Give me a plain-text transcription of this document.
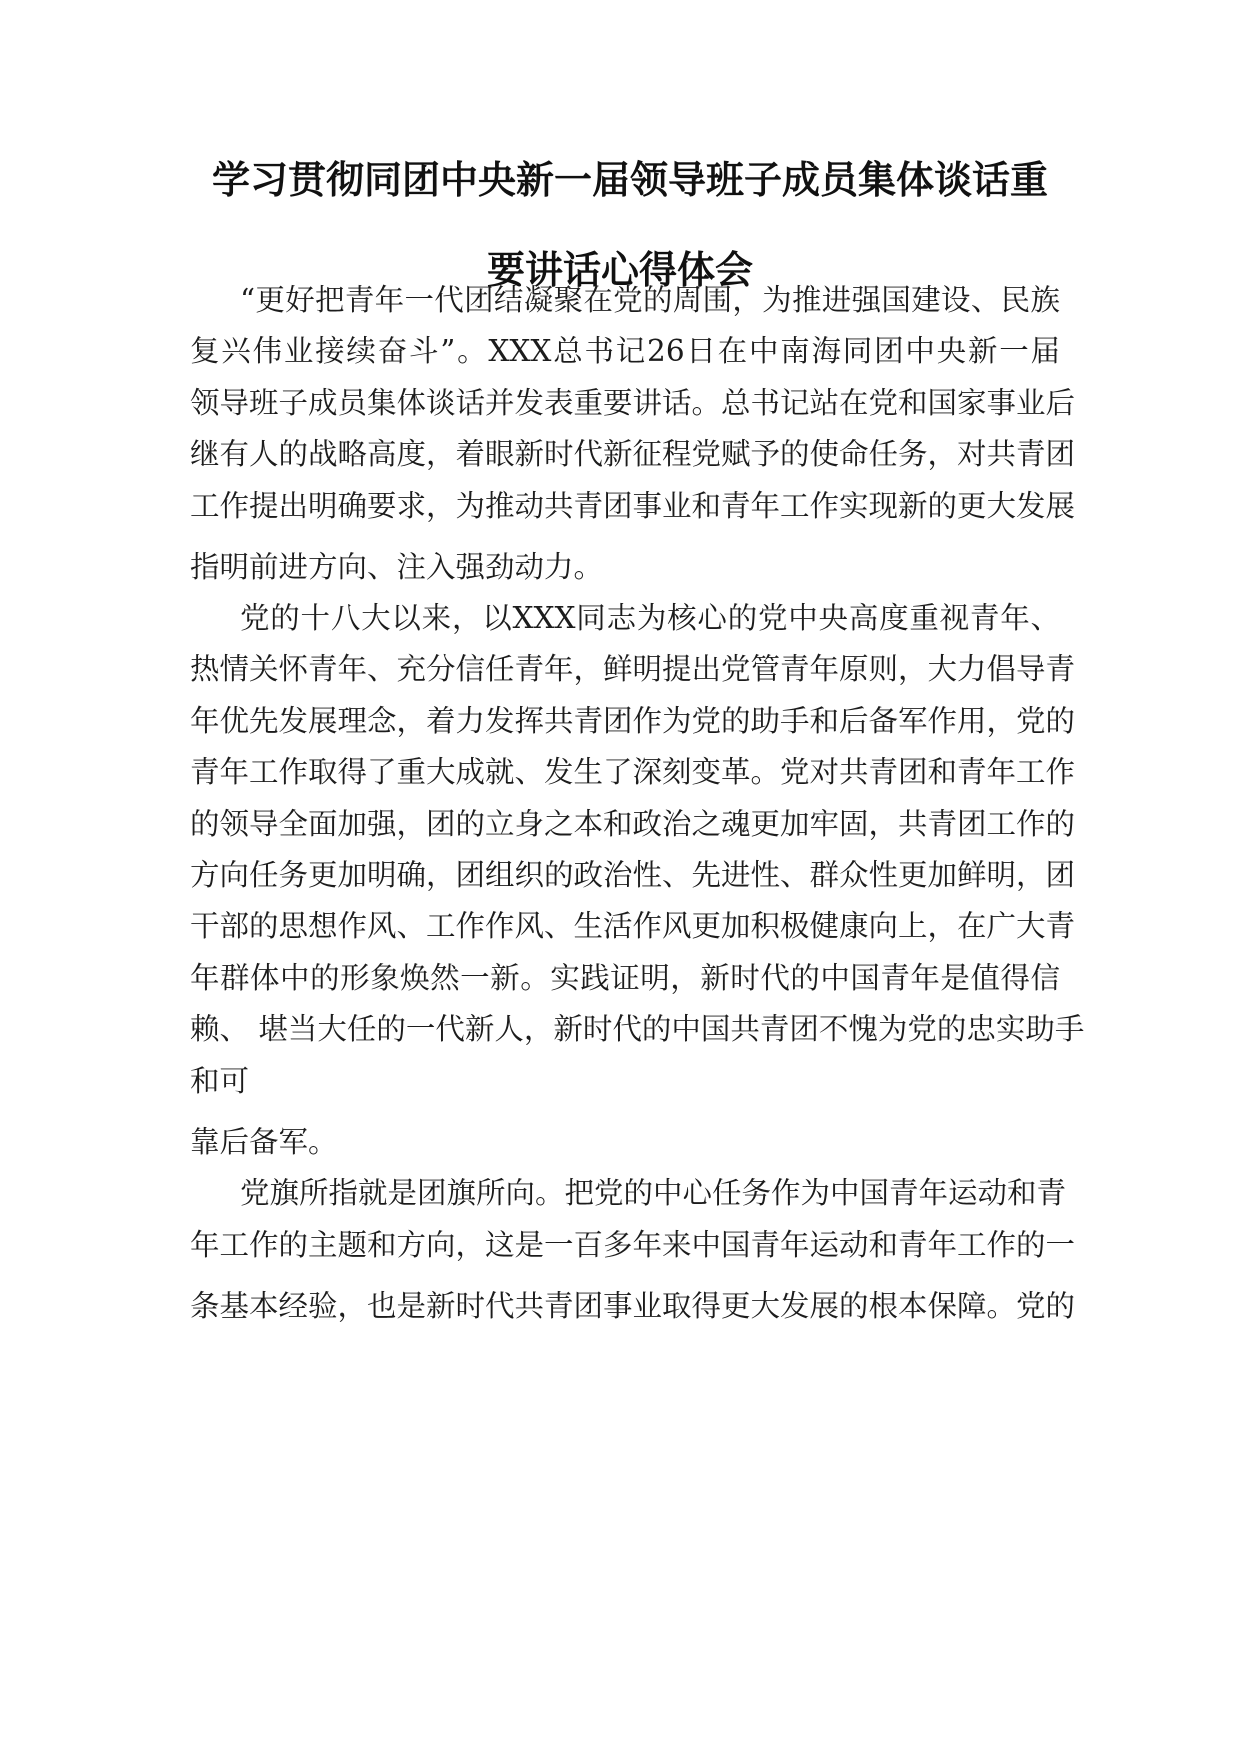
学习贯彻同团中央新一届领导班子成员集体谈话重
要讲话心得体会

“更好把青年一代团结凝聚在党的周围，为推进强国建设、民族

复兴伟业接续奋斗”。XXX总书记26日在中南海同团中央新一届

领导班子成员集体谈话并发表重要讲话。总书记站在党和国家事业后

继有人的战略高度，着眼新时代新征程党赋予的使命任务，对共青团

工作提出明确要求，为推动共青团事业和青年工作实现新的更大发展

指明前进方向、注入强劲动力。

党的十八大以来，以XXX同志为核心的党中央高度重视青年、

热情关怀青年、充分信任青年，鲜明提出党管青年原则，大力倡导青

年优先发展理念，着力发挥共青团作为党的助手和后备军作用，党的

青年工作取得了重大成就、发生了深刻变革。党对共青团和青年工作

的领导全面加强，团的立身之本和政治之魂更加牢固，共青团工作的

方向任务更加明确，团组织的政治性、先进性、群众性更加鲜明，团

干部的思想作风、工作作风、生活作风更加积极健康向上，在广大青

年群体中的形象焕然一新。实践证明，新时代的中国青年是值得信

赖、 堪当大任的一代新人，新时代的中国共青团不愧为党的忠实助手

和可

靠后备军。

党旗所指就是团旗所向。把党的中心任务作为中国青年运动和青

年工作的主题和方向，这是一百多年来中国青年运动和青年工作的一

条基本经验，也是新时代共青团事业取得更大发展的根本保障。党的
